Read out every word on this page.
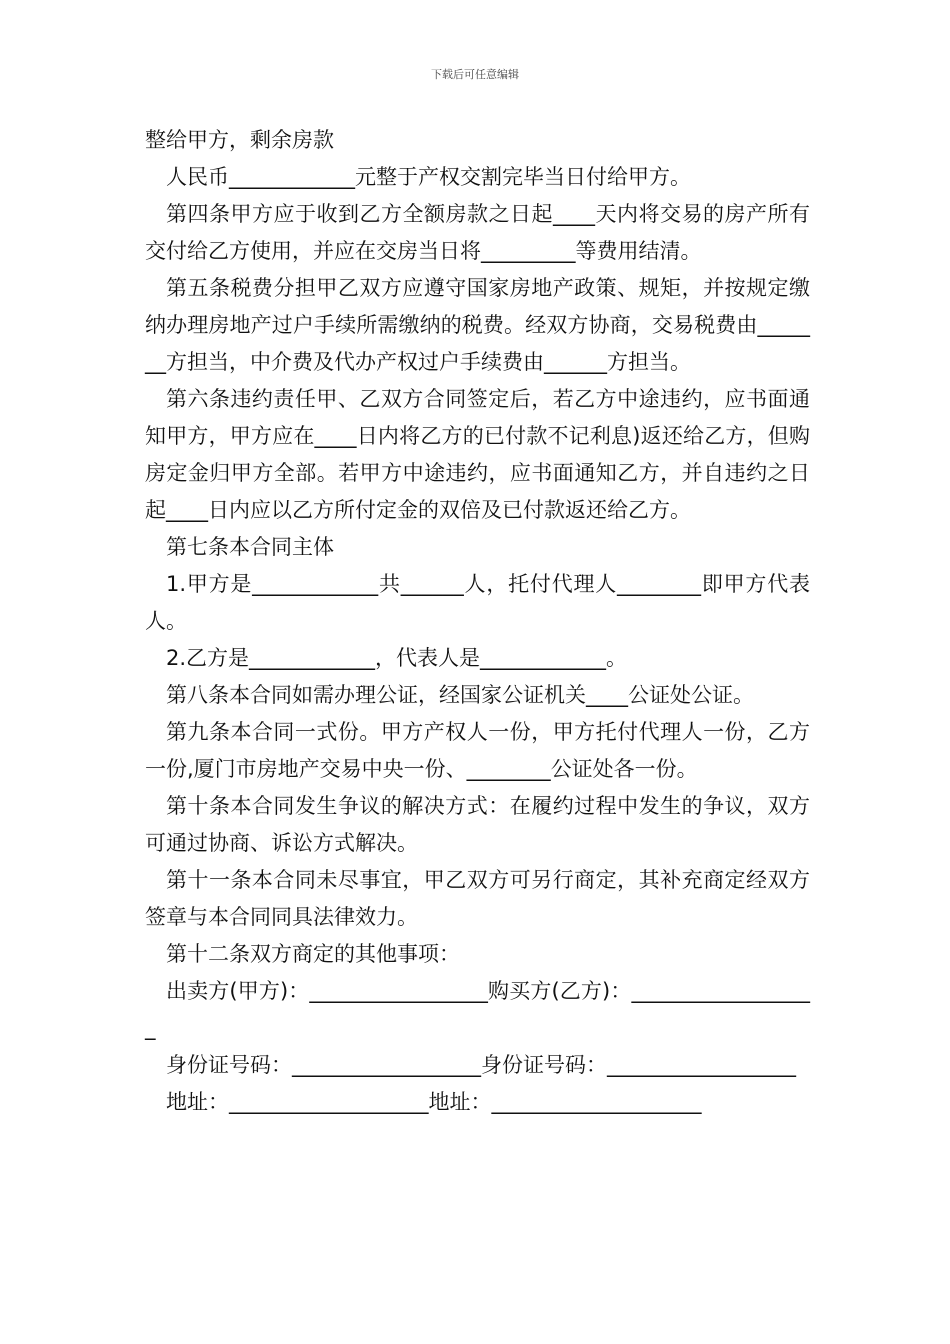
下载后可任意编辑

整给甲方，剩余房款

人民币____________元整于产权交割完毕当日付给甲方。

第四条甲方应于收到乙方全额房款之日起____天内将交易的房产所有交付给乙方使用，并应在交房当日将_________等费用结清。

第五条税费分担甲乙双方应遵守国家房地产政策、规矩，并按规定缴纳办理房地产过户手续所需缴纳的税费。经双方协商，交易税费由_______方担当，中介费及代办产权过户手续费由______方担当。

第六条违约责任甲、乙双方合同签定后，若乙方中途违约，应书面通知甲方，甲方应在____日内将乙方的已付款不记利息)返还给乙方，但购房定金归甲方全部。若甲方中途违约，应书面通知乙方，并自违约之日起____日内应以乙方所付定金的双倍及已付款返还给乙方。

第七条本合同主体

1.甲方是____________共______人，托付代理人________即甲方代表人。

2.乙方是____________，代表人是____________。

第八条本合同如需办理公证，经国家公证机关____公证处公证。

第九条本合同一式份。甲方产权人一份，甲方托付代理人一份，乙方一份,厦门市房地产交易中央一份、________公证处各一份。

第十条本合同发生争议的解决方式：在履约过程中发生的争议，双方可通过协商、诉讼方式解决。

第十一条本合同未尽事宜，甲乙双方可另行商定，其补充商定经双方签章与本合同同具法律效力。

第十二条双方商定的其他事项：

出卖方(甲方)：_________________购买方(乙方)：__________________

身份证号码：__________________身份证号码：__________________

地址：___________________地址：____________________
